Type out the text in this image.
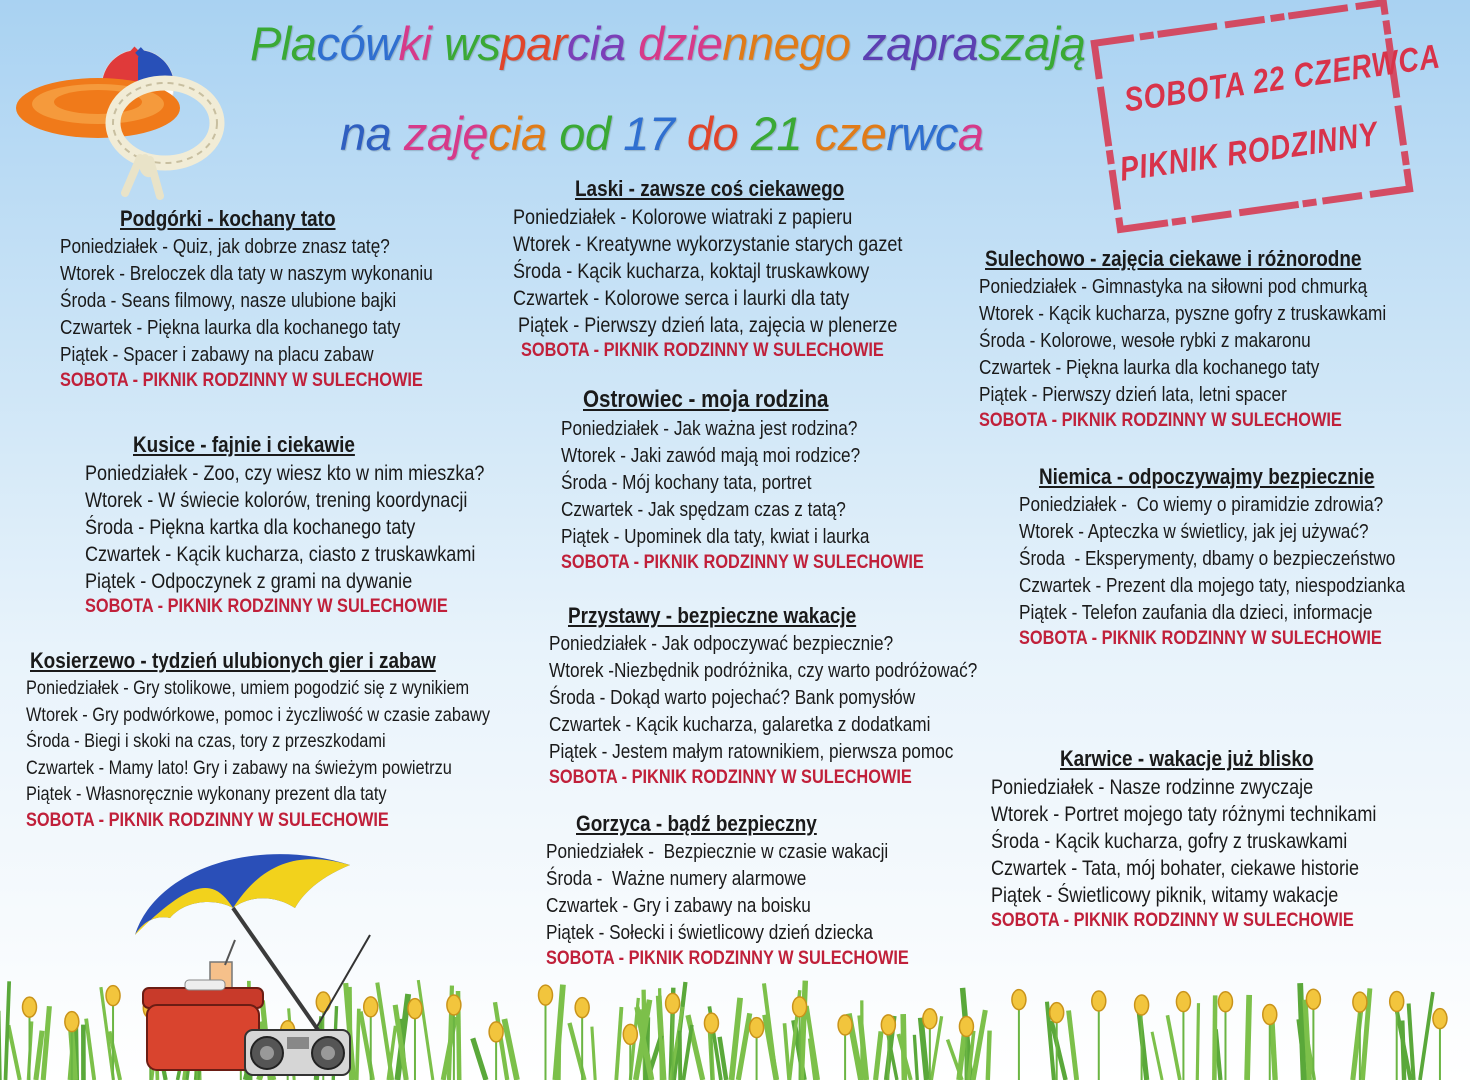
Placówki wsparcia dziennego zapraszają
na zajęcia od 17 do 21 czerwca
SOBOTA 22 CZERWCA
PIKNIK RODZINNY
Podgórki - kochany tato
Poniedziałek - Quiz, jak dobrze znasz tatę?
Wtorek - Breloczek dla taty w naszym wykonaniu
Środa - Seans filmowy, nasze ulubione bajki
Czwartek - Piękna laurka dla kochanego taty
Piątek - Spacer i zabawy na placu zabaw
SOBOTA - PIKNIK RODZINNY W SULECHOWIE
Kusice - fajnie i ciekawie
Poniedziałek - Zoo, czy wiesz kto w nim mieszka?
Wtorek - W świecie kolorów, trening koordynacji
Środa - Piękna kartka dla kochanego taty
Czwartek - Kącik kucharza, ciasto z truskawkami
Piątek - Odpoczynek z grami na dywanie
SOBOTA - PIKNIK RODZINNY W SULECHOWIE
Kosierzewo - tydzień ulubionych gier i zabaw
Poniedziałek - Gry stolikowe, umiem pogodzić się z wynikiem
Wtorek - Gry podwórkowe, pomoc i życzliwość w czasie zabawy
Środa - Biegi i skoki na czas, tory z przeszkodami
Czwartek - Mamy lato! Gry i zabawy na świeżym powietrzu
Piątek - Własnoręcznie wykonany prezent dla taty
SOBOTA - PIKNIK RODZINNY W SULECHOWIE
Laski - zawsze coś ciekawego
Poniedziałek - Kolorowe wiatraki z papieru
Wtorek - Kreatywne wykorzystanie starych gazet
Środa - Kącik kucharza, koktajl truskawkowy
Czwartek - Kolorowe serca i laurki dla taty
Piątek - Pierwszy dzień lata, zajęcia w plenerze
SOBOTA - PIKNIK RODZINNY W SULECHOWIE
Ostrowiec - moja rodzina
Poniedziałek - Jak ważna jest rodzina?
Wtorek - Jaki zawód mają moi rodzice?
Środa - Mój kochany tata, portret
Czwartek - Jak spędzam czas z tatą?
Piątek - Upominek dla taty, kwiat i laurka
SOBOTA - PIKNIK RODZINNY W SULECHOWIE
Przystawy - bezpieczne wakacje
Poniedziałek - Jak odpoczywać bezpiecznie?
Wtorek -Niezbędnik podróżnika, czy warto podróżować?
Środa - Dokąd warto pojechać? Bank pomysłów
Czwartek - Kącik kucharza, galaretka z dodatkami
Piątek - Jestem małym ratownikiem, pierwsza pomoc
SOBOTA - PIKNIK RODZINNY W SULECHOWIE
Gorzyca - bądź bezpieczny
Poniedziałek -  Bezpiecznie w czasie wakacji
Środa -  Ważne numery alarmowe
Czwartek - Gry i zabawy na boisku
Piątek - Sołecki i świetlicowy dzień dziecka
SOBOTA - PIKNIK RODZINNY W SULECHOWIE
Sulechowo - zajęcia ciekawe i różnorodne
Poniedziałek - Gimnastyka na siłowni pod chmurką
Wtorek - Kącik kucharza, pyszne gofry z truskawkami
Środa - Kolorowe, wesołe rybki z makaronu
Czwartek - Piękna laurka dla kochanego taty
Piątek - Pierwszy dzień lata, letni spacer
SOBOTA - PIKNIK RODZINNY W SULECHOWIE
Niemica - odpoczywajmy bezpiecznie
Poniedziałek -  Co wiemy o piramidzie zdrowia?
Wtorek - Apteczka w świetlicy, jak jej używać?
Środa  - Eksperymenty, dbamy o bezpieczeństwo
Czwartek - Prezent dla mojego taty, niespodzianka
Piątek - Telefon zaufania dla dzieci, informacje
SOBOTA - PIKNIK RODZINNY W SULECHOWIE
Karwice - wakacje już blisko
Poniedziałek - Nasze rodzinne zwyczaje
Wtorek - Portret mojego taty różnymi technikami
Środa - Kącik kucharza, gofry z truskawkami
Czwartek - Tata, mój bohater, ciekawe historie
Piątek - Świetlicowy piknik, witamy wakacje
SOBOTA - PIKNIK RODZINNY W SULECHOWIE
